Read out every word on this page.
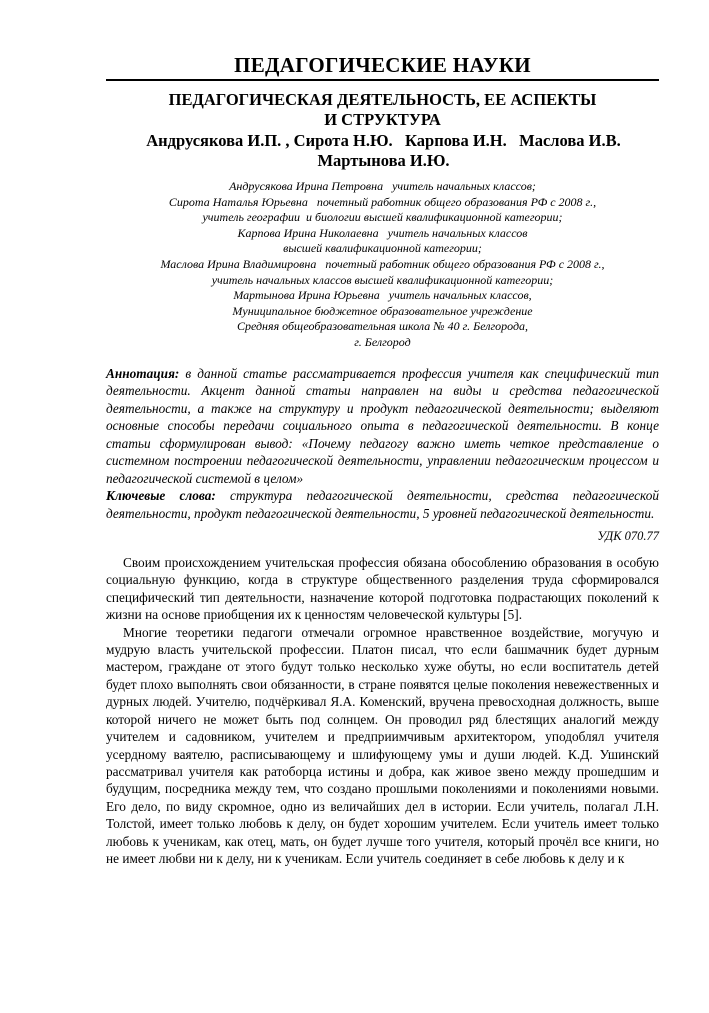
ПЕДАГОГИЧЕСКИЕ НАУКИ
ПЕДАГОГИЧЕСКАЯ ДЕЯТЕЛЬНОСТЬ, ЕЕ АСПЕКТЫ
И СТРУКТУРА
Андрусякова И.П. , Сирота Н.Ю.   Карпова И.Н.   Маслова И.В.
Мартынова И.Ю.
Андрусякова Ирина Петровна   учитель начальных классов;
Сирота Наталья Юрьевна   почетный работник общего образования РФ с 2008 г.,
учитель географии  и биологии высшей квалификационной категории;
Карпова Ирина Николаевна   учитель начальных классов
высшей квалификационной категории;
Маслова Ирина Владимировна   почетный работник общего образования РФ с 2008 г.,
учитель начальных классов высшей квалификационной категории;
Мартынова Ирина Юрьевна   учитель начальных классов,
Муниципальное бюджетное образовательное учреждение
Средняя общеобразовательная школа № 40 г. Белгорода,
г. Белгород
Аннотация: в данной статье рассматривается профессия учителя как специфический тип деятельности. Акцент данной статьи направлен на виды и средства педагогической деятельности, а также на структуру и продукт педагогической деятельности; выделяют основные способы передачи социального опыта в педагогической деятельности. В конце статьи сформулирован вывод: «Почему педагогу важно иметь четкое представление о системном построении педагогической деятельности, управлении педагогическим процессом и педагогической системой в целом»
Ключевые слова: структура педагогической деятельности, средства педагогической деятельности, продукт педагогической деятельности, 5 уровней педагогической деятельности.
УДК 070.77

Своим происхождением учительская профессия обязана обособлению образования в особую социальную функцию, когда в структуре общественного разделения труда сформировался специфический тип деятельности, назначение которой подготовка подрастающих поколений к жизни на основе приобщения их к ценностям человеческой культуры [5].

Многие теоретики педагоги отмечали огромное нравственное воздействие, могучую и мудрую власть учительской профессии. Платон писал, что если башмачник будет дурным мастером, граждане от этого будут только несколько хуже обуты, но если воспитатель детей будет плохо выполнять свои обязанности, в стране появятся целые поколения невежественных и дурных людей. Учителю, подчёркивал Я.А. Коменский, вручена превосходная должность, выше которой ничего не может быть под солнцем. Он проводил ряд блестящих аналогий между учителем и садовником, учителем и предприимчивым архитектором, уподоблял учителя усердному ваятелю, расписывающему и шлифующему умы и души людей. К.Д. Ушинский рассматривал учителя как ратоборца истины и добра, как живое звено между прошедшим и будущим, посредника между тем, что создано прошлыми поколениями и поколениями новыми. Его дело, по виду скромное, одно из величайших дел в истории. Если учитель, полагал Л.Н. Толстой, имеет только любовь к делу, он будет хорошим учителем. Если учитель имеет только любовь к ученикам, как отец, мать, он будет лучше того учителя, который прочёл все книги, но не имеет любви ни к делу, ни к ученикам. Если учитель соединяет в себе любовь к делу и к
